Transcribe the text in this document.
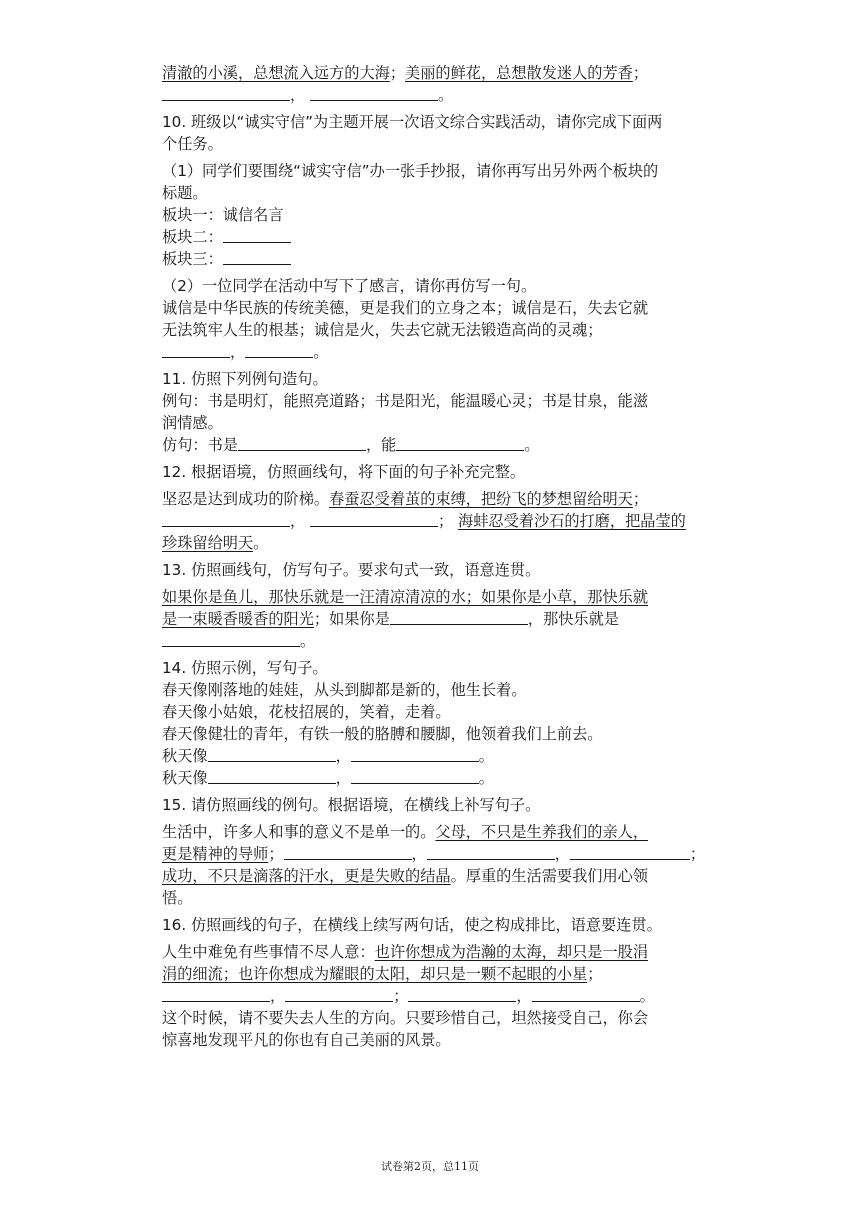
清澈的小溪，总想流入远方的大海；美丽的鲜花，总想散发迷人的芳香；

，	。

10. 班级以“诚实守信”为主题开展一次语文综合实践活动，请你完成下面两

个任务。

（1）同学们要围绕“诚实守信”办一张手抄报，请你再写出另外两个板块的

标题。

板块一：诚信名言

板块二：

板块三：

（2）一位同学在活动中写下了感言，请你再仿写一句。

诚信是中华民族的传统美德，更是我们的立身之本；诚信是石，失去它就

无法筑牢人生的根基；诚信是火，失去它就无法锻造高尚的灵魂；

，	。

11. 仿照下列例句造句。

例句：书是明灯，能照亮道路；书是阳光，能温暖心灵；书是甘泉，能滋

润情感。

仿句：书是	，能	。

12. 根据语境，仿照画线句，将下面的句子补充完整。

坚忍是达到成功的阶梯。春蚕忍受着茧的束缚，把纷飞的梦想留给明天；

，	； 海蚌忍受着沙石的打磨，把晶莹的

珍珠留给明天。

13. 仿照画线句，仿写句子。要求句式一致，语意连贯。

如果你是鱼儿，那快乐就是一汪清凉清凉的水；如果你是小草，那快乐就

是一束暖香暖香的阳光；如果你是	，那快乐就是

。

14. 仿照示例，写句子。

春天像刚落地的娃娃，从头到脚都是新的，他生长着。

春天像小姑娘，花枝招展的，笑着，走着。

春天像健壮的青年，有铁一般的胳膊和腰脚，他领着我们上前去。

秋天像	，	。

秋天像	，	。

15. 请仿照画线的例句。根据语境，在横线上补写句子。

生活中，许多人和事的意义不是单一的。父母，不只是生养我们的亲人，

更是精神的导师；	，	，	；

成功，不只是滴落的汗水，更是失败的结晶。厚重的生活需要我们用心领

悟。

16. 仿照画线的句子，在横线上续写两句话，使之构成排比，语意要连贯。

人生中难免有些事情不尽人意：也许你想成为浩瀚的太海，却只是一股涓

涓的细流；也许你想成为耀眼的太阳，却只是一颗不起眼的小星；

，	；	，	。

这个时候，请不要失去人生的方向。只要珍惜自己，坦然接受自己，你会

惊喜地发现平凡的你也有自己美丽的风景。

试卷第2页，总11页
